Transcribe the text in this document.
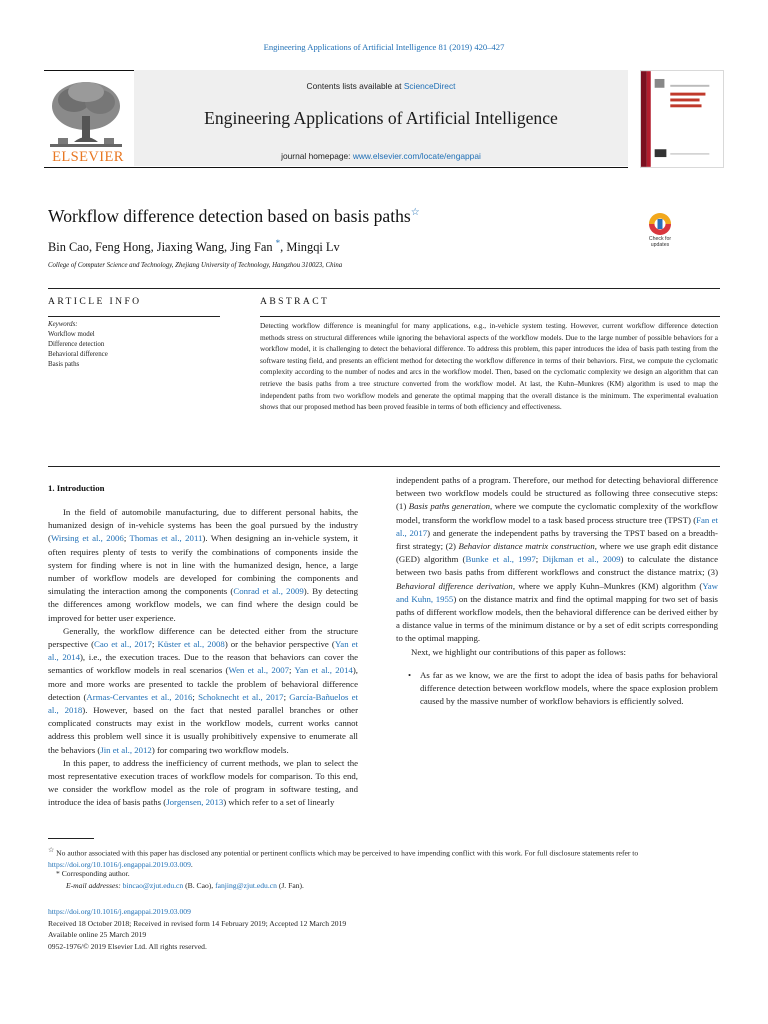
Engineering Applications of Artificial Intelligence 81 (2019) 420–427
ELSEVIER
Contents lists available at ScienceDirect
Engineering Applications of Artificial Intelligence
journal homepage: www.elsevier.com/locate/engappai
Workflow difference detection based on basis paths☆
Bin Cao, Feng Hong, Jiaxing Wang, Jing Fan *, Mingqi Lv
College of Computer Science and Technology, Zhejiang University of Technology, Hangzhou 310023, China
Check for updates
ARTICLE INFO	ABSTRACT
Keywords:
Workflow model
Difference detection
Behavioral difference
Basis paths
Detecting workflow difference is meaningful for many applications, e.g., in-vehicle system testing. However, current workflow difference detection methods stress on structural differences while ignoring the behavioral aspects of the workflow models. Due to the large number of possible behaviors for a workflow model, it is challenging to detect the behavioral difference. To address this problem, this paper introduces the idea of basis path testing from the software testing field, and presents an efficient method for detecting the workflow difference in terms of their behaviors. First, we compute the cyclomatic complexity according to the number of nodes and arcs in the workflow model. Then, based on the cyclomatic complexity we design an algorithm that can retrieve the basis paths from a tree structure converted from the workflow model. At last, the Kuhn–Munkres (KM) algorithm is used to map the independent paths from two workflow models and generate the optimal mapping that the overall distance is the minimum. The experimental evaluation shows that our proposed method has been proved feasible in terms of both efficiency and effectiveness.
1. Introduction

In the field of automobile manufacturing, due to different personal habits, the humanized design of in-vehicle systems has been the goal pursued by the industry (Wirsing et al., 2006; Thomas et al., 2011). When designing an in-vehicle system, it often requires plenty of tests to verify the combinations of components inside the system for finding where is not in line with the humanized design, hence, a large number of workflow models are developed for combining the components and simulating the interaction among the components (Conrad et al., 2009). By detecting the differences among workflow models, we can find where the design could be improved for better user experience.

Generally, the workflow difference can be detected either from the structure perspective (Cao et al., 2017; Küster et al., 2008) or the behavior perspective (Yan et al., 2014), i.e., the execution traces. Due to the reason that behaviors can cover the semantics of workflow models in real scenarios (Wen et al., 2007; Yan et al., 2014), more and more works are presented to tackle the problem of behavioral difference detection (Armas-Cervantes et al., 2016; Schoknecht et al., 2017; García-Bañuelos et al., 2018). However, based on the fact that nested parallel branches or other complicated constructs may exist in the workflow models, current works cannot address this problem well since it is usually prohibitively expensive to enumerate all the behaviors (Jin et al., 2012) for comparing two workflow models.

In this paper, to address the inefficiency of current methods, we plan to select the most representative execution traces of workflow models for comparison. To this end, we consider the workflow model as the role of program in software testing, and introduce the idea of basis paths (Jorgensen, 2013) which refer to a set of linearly

independent paths of a program. Therefore, our method for detecting behavioral difference between two workflow models could be structured as following three consecutive steps: (1) Basis paths generation, where we compute the cyclomatic complexity of the workflow model, transform the workflow model to a task based process structure tree (TPST) (Fan et al., 2017) and generate the independent paths by traversing the TPST based on a breadth-first strategy; (2) Behavior distance matrix construction, where we use graph edit distance (GED) algorithm (Bunke et al., 1997; Dijkman et al., 2009) to calculate the distance between two basis paths from different workflows and construct the distance matrix; (3) Behavioral difference derivation, where we apply Kuhn–Munkres (KM) algorithm (Yaw and Kuhn, 1955) on the distance matrix and find the optimal mapping for two set of basis paths of different workflow models, then the behavioral difference can be derived either by a distance value in terms of the minimum distance or by a set of edit scripts corresponding to the optimal mapping.

Next, we highlight our contributions of this paper as follows:

• As far as we know, we are the first to adopt the idea of basis paths for behavioral difference detection between workflow models, where the space explosion problem caused by the massive number of workflow behaviors is efficiently solved.

☆ No author associated with this paper has disclosed any potential or pertinent conflicts which may be perceived to have impending conflict with this work. For full disclosure statements refer to https://doi.org/10.1016/j.engappai.2019.03.009.
* Corresponding author.
E-mail addresses: bincao@zjut.edu.cn (B. Cao), fanjing@zjut.edu.cn (J. Fan).
https://doi.org/10.1016/j.engappai.2019.03.009
Received 18 October 2018; Received in revised form 14 February 2019; Accepted 12 March 2019
Available online 25 March 2019
0952-1976/© 2019 Elsevier Ltd. All rights reserved.
